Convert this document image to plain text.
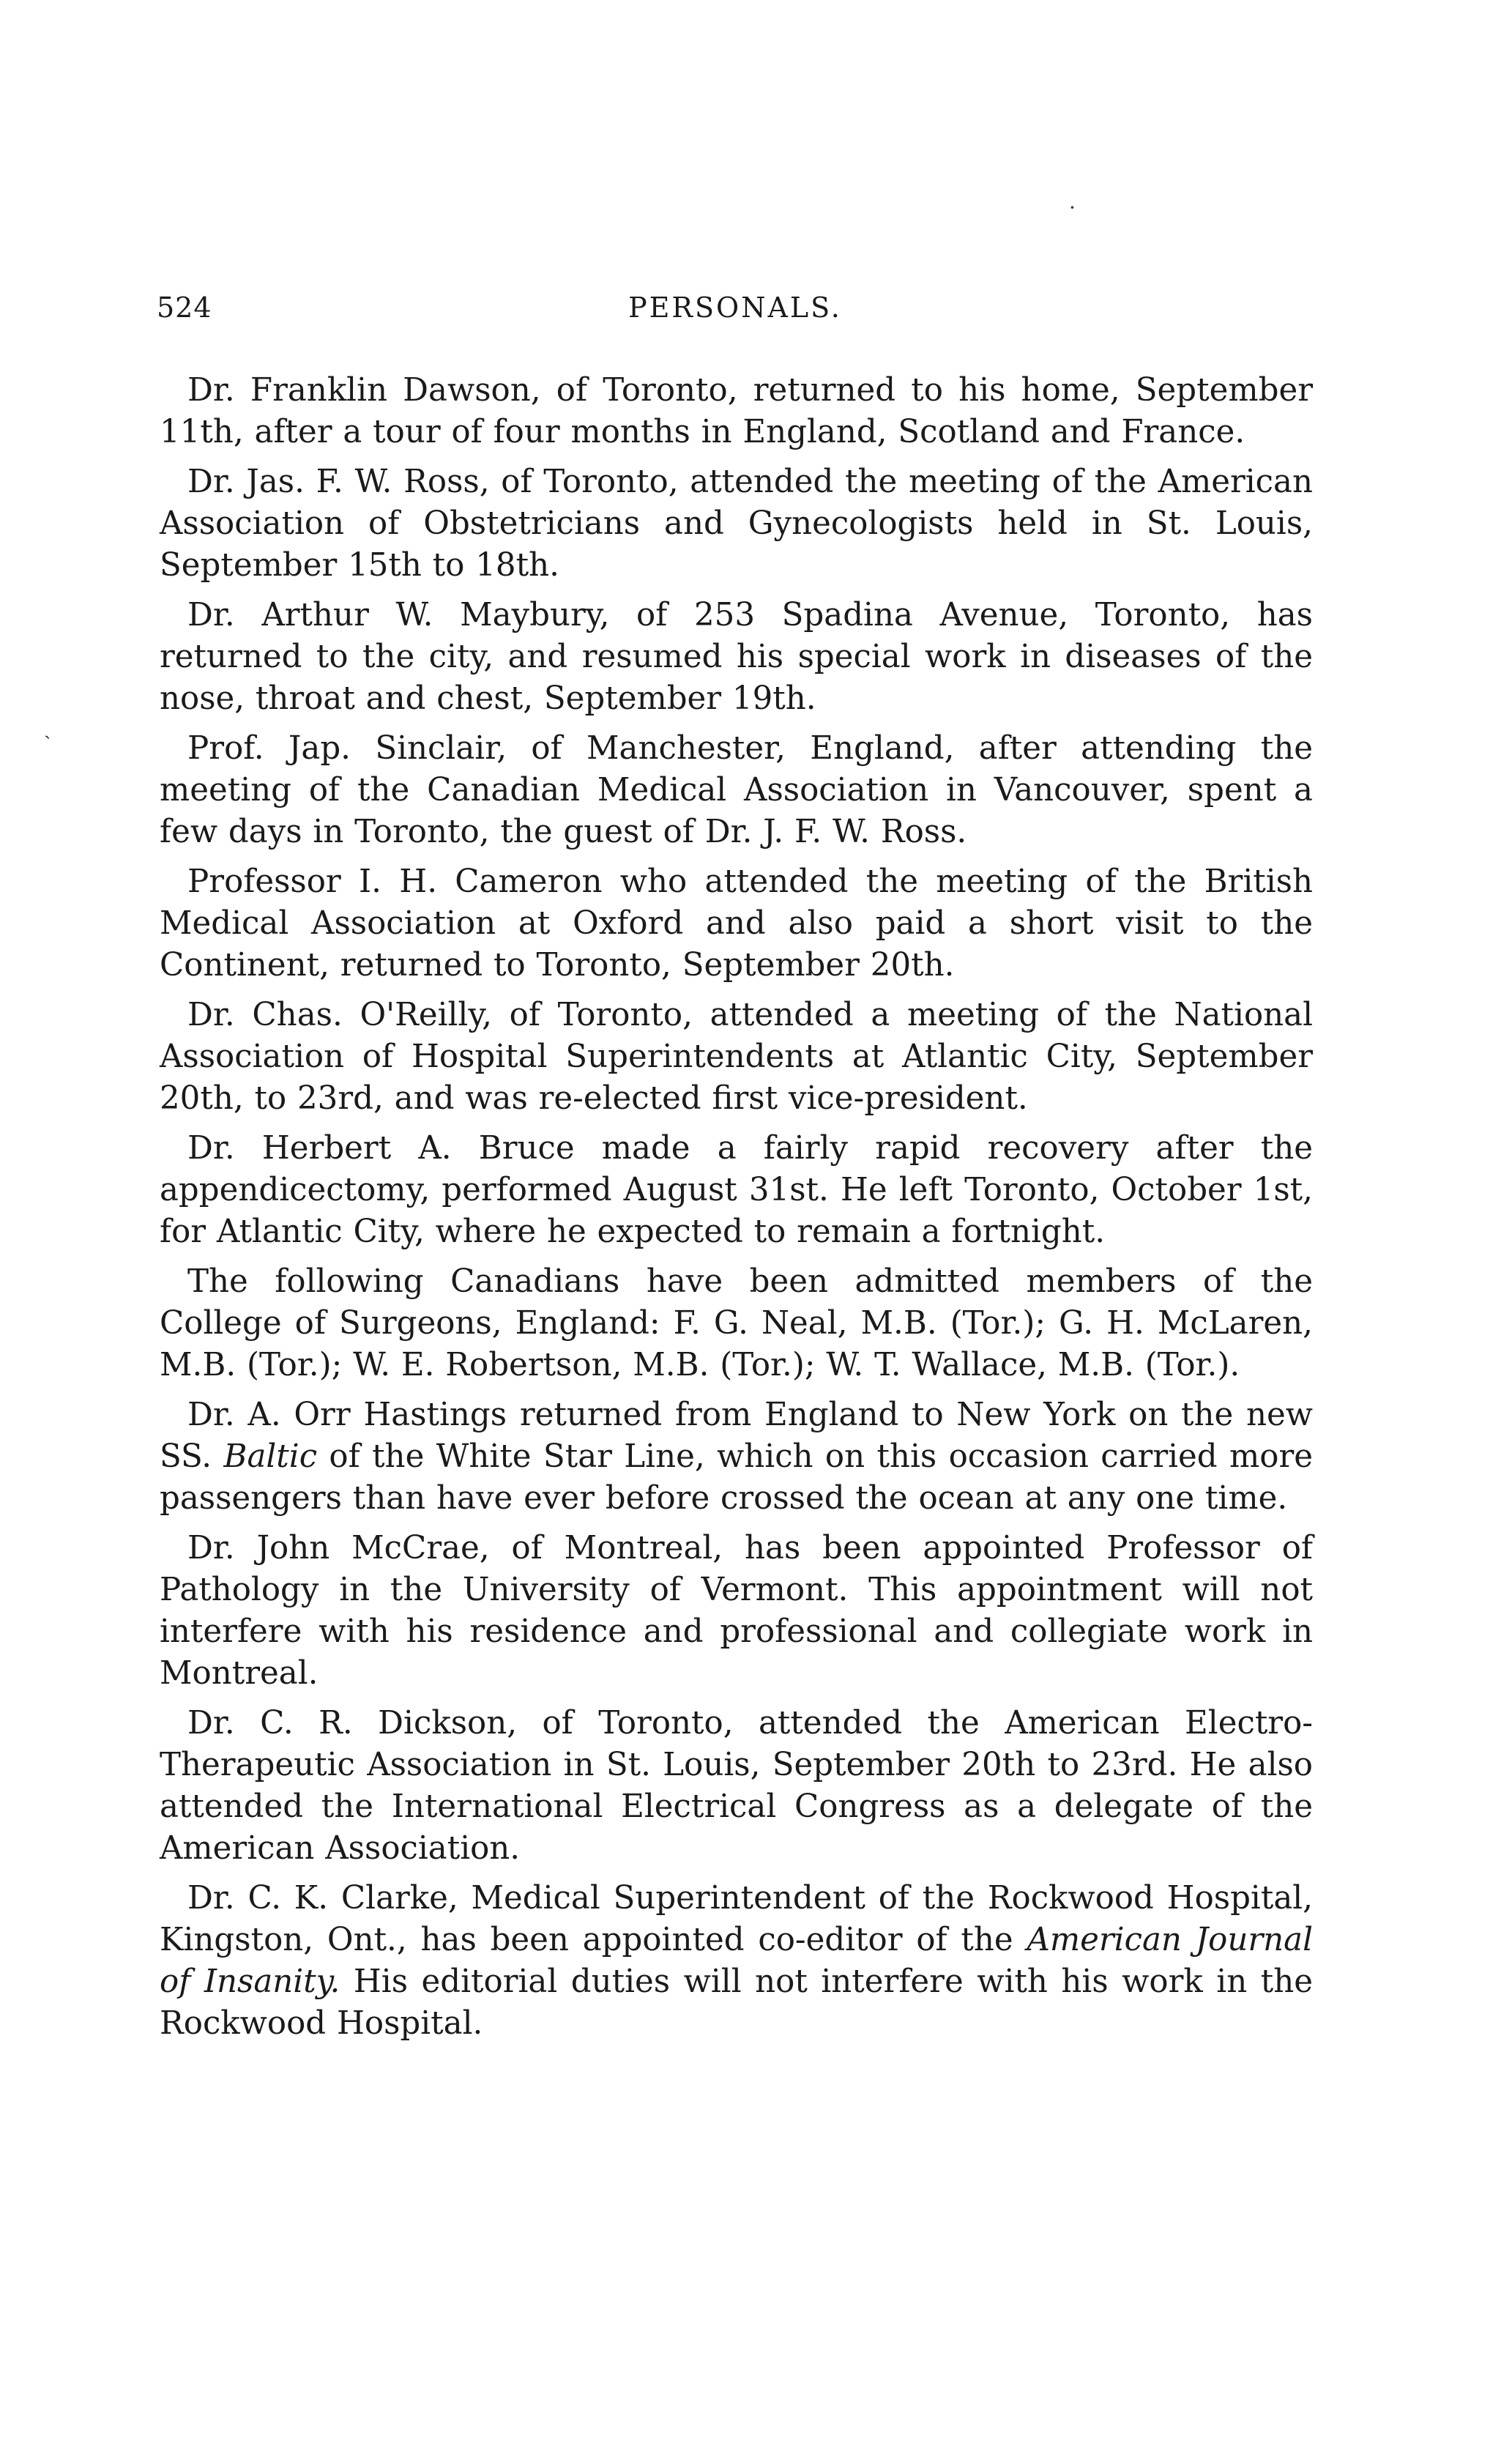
·
ˎ
524	PERSONALS.

Dr. Franklin Dawson, of Toronto, returned to his home, September 11th, after a tour of four months in England, Scotland and France.

Dr. Jas. F. W. Ross, of Toronto, attended the meeting of the American Association of Obstetricians and Gynecologists held in St. Louis, September 15th to 18th.

Dr. Arthur W. Maybury, of 253 Spadina Avenue, Toronto, has returned to the city, and resumed his special work in diseases of the nose, throat and chest, September 19th.

Prof. Jap. Sinclair, of Manchester, England, after attending the meeting of the Canadian Medical Association in Vancouver, spent a few days in Toronto, the guest of Dr. J. F. W. Ross.

Professor I. H. Cameron who attended the meeting of the British Medical Association at Oxford and also paid a short visit to the Continent, returned to Toronto, September 20th.

Dr. Chas. O'Reilly, of Toronto, attended a meeting of the National Association of Hospital Superintendents at Atlantic City, September 20th, to 23rd, and was re-elected first vice-president.

Dr. Herbert A. Bruce made a fairly rapid recovery after the appendicectomy, performed August 31st. He left Toronto, October 1st, for Atlantic City, where he expected to remain a fortnight.

The following Canadians have been admitted members of the College of Surgeons, England: F. G. Neal, M.B. (Tor.); G. H. McLaren, M.B. (Tor.); W. E. Robertson, M.B. (Tor.); W. T. Wallace, M.B. (Tor.).

Dr. A. Orr Hastings returned from England to New York on the new SS. Baltic of the White Star Line, which on this occasion carried more passengers than have ever before crossed the ocean at any one time.

Dr. John McCrae, of Montreal, has been appointed Professor of Pathology in the University of Vermont. This appointment will not interfere with his residence and professional and collegiate work in Montreal.

Dr. C. R. Dickson, of Toronto, attended the American Electro-Therapeutic Association in St. Louis, September 20th to 23rd. He also attended the International Electrical Congress as a delegate of the American Association.

Dr. C. K. Clarke, Medical Superintendent of the Rockwood Hospital, Kingston, Ont., has been appointed co-editor of the American Journal of Insanity. His editorial duties will not interfere with his work in the Rockwood Hospital.
